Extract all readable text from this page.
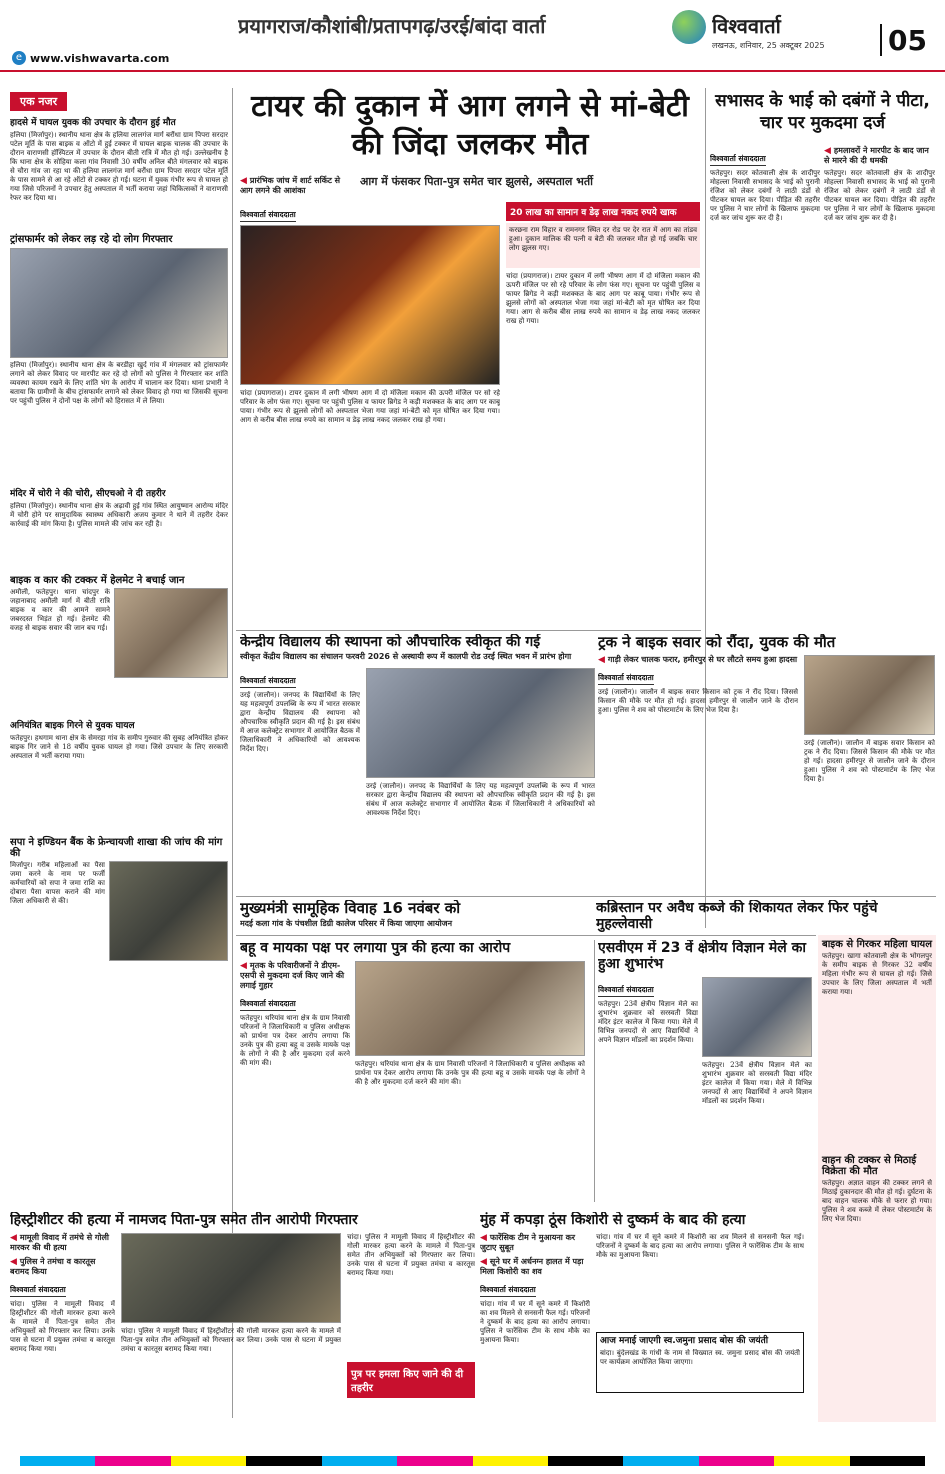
प्रयागराज/कौशांबी/प्रतापगढ़/उरई/बांदा वार्ता	विश्ववार्ता
लखनऊ, शनिवार, 25 अक्टूबर 2025	05
e www.vishwavarta.com
एक नजर
हादसे में घायल युवक की उपचार के दौरान हुई मौत
हलिया (मिर्जापुर)। स्थानीय थाना क्षेत्र के हलिया लालगंज मार्ग बरौंधा ग्राम पिपरा सरदार पटेल मूर्ति के पास बाइक व ऑटो में हुई टक्कर में घायल बाइक चालक की उपचार के दौरान वाराणसी हॉस्पिटल में उपचार के दौरान बीती रात्रि में मौत हो गई। उल्लेखनीय है कि थाना क्षेत्र के सोहिया कला गांव निवासी 30 वर्षीय अनिल बीते मंगलवार को बाइक से चौरा गांव जा रहा था की हलिया लालगंज मार्ग बरौंधा ग्राम पिपरा सरदार पटेल मूर्ति के पास सामने से आ रहे ऑटो से टक्कर हो गई। घटना में युवक गंभीर रूप से घायल हो गया जिसे परिजनों ने उपचार हेतु अस्पताल में भर्ती कराया जहां चिकित्सकों ने वाराणसी रेफर कर दिया था।
ट्रांसफार्मर को लेकर लड़ रहे दो लोग गिरफ्तार
हलिया (मिर्जापुर)। स्थानीय थाना क्षेत्र के बरडीहा खुर्द गांव में मंगलवार को ट्रांसफार्मर लगाने को लेकर विवाद पर मारपीट कर रहे दो लोगों को पुलिस ने गिरफ्तार कर शांति व्यवस्था कायम रखने के लिए शांति भंग के आरोप में चालान कर दिया। थाना प्रभारी ने बताया कि ग्रामीणों के बीच ट्रांसफार्मर लगाने को लेकर विवाद हो गया था जिसकी सूचना पर पहुंची पुलिस ने दोनों पक्ष के लोगों को हिरासत में ले लिया।
मंदिर में चोरी ने की चोरी, सीएचओ ने दी तहरीर
हलिया (मिर्जापुर)। स्थानीय थाना क्षेत्र के अढ़ावी हुई गांव स्थित आयुष्मान आरोग्य मंदिर में चोरी होने पर सामुदायिक स्वास्थ्य अधिकारी अजय कुमार ने थाने में तहरीर देकर कार्रवाई की मांग किया है। पुलिस मामले की जांच कर रही है।
बाइक व कार की टक्कर में हेलमेट ने बचाई जान
अमौली, फतेहपुर। थाना चांदपुर के जहानाबाद अमौली मार्ग में बीती रात्रि बाइक व कार की आमने सामने जबरदस्त भिड़ंत हो गई। हेलमेट की वजह से बाइक सवार की जान बच गई।
अनियंत्रित बाइक गिरने से युवक घायल
फतेहपुर। हथगाम थाना क्षेत्र के सेमरहा गांव के समीप गुरुवार की सुबह अनियंत्रित होकर बाइक गिर जाने से 18 वर्षीय युवक घायल हो गया। जिसे उपचार के लिए सरकारी अस्पताल में भर्ती कराया गया।
सपा ने इण्डियन बैंक के फ्रेन्चायजी शाखा की जांच की मांग की
मिर्जापुर। गरीब महिलाओं का पैसा जमा करने के नाम पर फर्जी कर्मचारियों को सपा ने जमा राशि का दोबारा पैसा वापस कराने की मांग जिला अधिकारी से की।
टायर की दुकान में आग लगने से मां-बेटी की जिंदा जलकर मौत
◀ प्रारंभिक जांच में शार्ट सर्किट से आग लगने की आशंका
आग में फंसकर पिता-पुत्र समेत चार झुलसे, अस्पताल भर्ती
विश्ववार्ता संवाददाता
चांदा (प्रयागराज)। टायर दुकान में लगी भीषण आग में दो मंजिला मकान की ऊपरी मंजिल पर सो रहे परिवार के लोग फंस गए। सूचना पर पहुंची पुलिस व फायर ब्रिगेड ने कड़ी मशक्कत के बाद आग पर काबू पाया। गंभीर रूप से झुलसे लोगों को अस्पताल भेजा गया जहां मां-बेटी को मृत घोषित कर दिया गया। आग से करीब बीस लाख रुपये का सामान व डेढ़ लाख नकद जलकर राख हो गया।
20 लाख का सामान व डेढ़ लाख नकद रुपये खाक
करछना राम विहार व रामनगर स्थित दर रोड पर देर रात में आग का तांडव हुआ। दुकान मालिक की पत्नी व बेटी की जलकर मौत हो गई जबकि चार लोग झुलस गए।
चांदा (प्रयागराज)। टायर दुकान में लगी भीषण आग में दो मंजिला मकान की ऊपरी मंजिल पर सो रहे परिवार के लोग फंस गए। सूचना पर पहुंची पुलिस व फायर ब्रिगेड ने कड़ी मशक्कत के बाद आग पर काबू पाया। गंभीर रूप से झुलसे लोगों को अस्पताल भेजा गया जहां मां-बेटी को मृत घोषित कर दिया गया। आग से करीब बीस लाख रुपये का सामान व डेढ़ लाख नकद जलकर राख हो गया।
सभासद के भाई को दबंगों ने पीटा, चार पर मुकदमा दर्ज
विश्ववार्ता संवाददाता
फतेहपुर। सदर कोतवाली क्षेत्र के शादीपुर मोहल्ला निवासी सभासद के भाई को पुरानी रंजिश को लेकर दबंगों ने लाठी डंडों से पीटकर घायल कर दिया। पीड़ित की तहरीर पर पुलिस ने चार लोगों के खिलाफ मुकदमा दर्ज कर जांच शुरू कर दी है।
◀ हमलावरों ने मारपीट के बाद जान से मारने की दी धमकी
फतेहपुर। सदर कोतवाली क्षेत्र के शादीपुर मोहल्ला निवासी सभासद के भाई को पुरानी रंजिश को लेकर दबंगों ने लाठी डंडों से पीटकर घायल कर दिया। पीड़ित की तहरीर पर पुलिस ने चार लोगों के खिलाफ मुकदमा दर्ज कर जांच शुरू कर दी है।
केन्द्रीय विद्यालय की स्थापना को औपचारिक स्वीकृत की गई
स्वीकृत केंद्रीय विद्यालय का संचालन फरवरी 2026 से अस्थायी रूप में कालपी रोड उरई स्थित भवन में प्रारंभ होगा
विश्ववार्ता संवाददाता
उरई (जालौन)। जनपद के विद्यार्थियों के लिए यह महत्वपूर्ण उपलब्धि के रूप में भारत सरकार द्वारा केन्द्रीय विद्यालय की स्थापना को औपचारिक स्वीकृति प्रदान की गई है। इस संबंध में आज कलेक्ट्रेट सभागार में आयोजित बैठक में जिलाधिकारी ने अधिकारियों को आवश्यक निर्देश दिए।
उरई (जालौन)। जनपद के विद्यार्थियों के लिए यह महत्वपूर्ण उपलब्धि के रूप में भारत सरकार द्वारा केन्द्रीय विद्यालय की स्थापना को औपचारिक स्वीकृति प्रदान की गई है। इस संबंध में आज कलेक्ट्रेट सभागार में आयोजित बैठक में जिलाधिकारी ने अधिकारियों को आवश्यक निर्देश दिए।
ट्रक ने बाइक सवार को रौंदा, युवक की मौत
◀ गाड़ी लेकर चालक फरार, हमीरपुर से घर लौटते समय हुआ हादसा
विश्ववार्ता संवाददाता
उरई (जालौन)। जालौन में बाइक सवार किसान को ट्रक ने रौंद दिया। जिससे किसान की मौके पर मौत हो गई। हादसा हमीरपुर से जालौन जाने के दौरान हुआ। पुलिस ने शव को पोस्टमार्टम के लिए भेज दिया है।
उरई (जालौन)। जालौन में बाइक सवार किसान को ट्रक ने रौंद दिया। जिससे किसान की मौके पर मौत हो गई। हादसा हमीरपुर से जालौन जाने के दौरान हुआ। पुलिस ने शव को पोस्टमार्टम के लिए भेज दिया है।
मुख्यमंत्री सामूहिक विवाह 16 नवंबर को
मदई कला गांव के पंचशील डिग्री कालेज परिसर में किया जाएगा आयोजन
कब्रिस्तान पर अवैध कब्जे की शिकायत लेकर फिर पहुंचे मुहल्लेवासी
हिस्ट्रीशीटर की हत्या में नामजद पिता-पुत्र समेत तीन आरोपी गिरफ्तार
◀ मामूली विवाद में तमंचे से गोली मारकर की थी हत्या
◀ पुलिस ने तमंचा व कारतूस बरामद किया
विश्ववार्ता संवाददाता
चांदा। पुलिस ने मामूली विवाद में हिस्ट्रीशीटर की गोली मारकर हत्या करने के मामले में पिता-पुत्र समेत तीन अभियुक्तों को गिरफ्तार कर लिया। उनके पास से घटना में प्रयुक्त तमंचा व कारतूस बरामद किया गया।
चांदा। पुलिस ने मामूली विवाद में हिस्ट्रीशीटर की गोली मारकर हत्या करने के मामले में पिता-पुत्र समेत तीन अभियुक्तों को गिरफ्तार कर लिया। उनके पास से घटना में प्रयुक्त तमंचा व कारतूस बरामद किया गया।
चांदा। पुलिस ने मामूली विवाद में हिस्ट्रीशीटर की गोली मारकर हत्या करने के मामले में पिता-पुत्र समेत तीन अभियुक्तों को गिरफ्तार कर लिया। उनके पास से घटना में प्रयुक्त तमंचा व कारतूस बरामद किया गया।
पुत्र पर हमला किए जाने की दी तहरीर
मुंह में कपड़ा ठूंस किशोरी से दुष्कर्म के बाद की हत्या
◀ फारेंसिक टीम ने मुआयना कर जुटाए सुबूत
◀ सूने घर में अर्धनग्न हालत में पड़ा मिला किशोरी का शव
विश्ववार्ता संवाददाता
चांदा। गांव में घर में सूने कमरे में किशोरी का शव मिलने से सनसनी फैल गई। परिजनों ने दुष्कर्म के बाद हत्या का आरोप लगाया। पुलिस ने फारेंसिक टीम के साथ मौके का मुआयना किया।
चांदा। गांव में घर में सूने कमरे में किशोरी का शव मिलने से सनसनी फैल गई। परिजनों ने दुष्कर्म के बाद हत्या का आरोप लगाया। पुलिस ने फारेंसिक टीम के साथ मौके का मुआयना किया।
आज मनाई जाएगी स्व.जमुना प्रसाद बोस की जयंती
बांदा। बुंदेलखंड के गांधी के नाम से विख्यात स्व. जमुना प्रसाद बोस की जयंती पर कार्यक्रम आयोजित किया जाएगा।
बाइक से गिरकर महिला घायल
फतेहपुर। खागा कोतवाली क्षेत्र के भोगलपुर के समीप बाइक से गिरकर 32 वर्षीय महिला गंभीर रूप से घायल हो गई। जिसे उपचार के लिए जिला अस्पताल में भर्ती कराया गया।
वाहन की टक्कर से मिठाई विक्रेता की मौत
फतेहपुर। अज्ञात वाहन की टक्कर लगने से मिठाई दुकानदार की मौत हो गई। दुर्घटना के बाद वाहन चालक मौके से फरार हो गया। पुलिस ने शव कब्जे में लेकर पोस्टमार्टम के लिए भेज दिया।
बहू व मायका पक्ष पर लगाया पुत्र की हत्या का आरोप
◀ मृतक के परिवारीजनों ने डीएम-एसपी से मुकदमा दर्ज किए जाने की लगाई गुहार
विश्ववार्ता संवाददाता
फतेहपुर। थरियांव थाना क्षेत्र के ग्राम निवासी परिजनों ने जिलाधिकारी व पुलिस अधीक्षक को प्रार्थना पत्र देकर आरोप लगाया कि उनके पुत्र की हत्या बहू व उसके मायके पक्ष के लोगों ने की है और मुकदमा दर्ज करने की मांग की।	फतेहपुर। थरियांव थाना क्षेत्र के ग्राम निवासी परिजनों ने जिलाधिकारी व पुलिस अधीक्षक को प्रार्थना पत्र देकर आरोप लगाया कि उनके पुत्र की हत्या बहू व उसके मायके पक्ष के लोगों ने की है और मुकदमा दर्ज करने की मांग की।
एसवीएम में 23 वें क्षेत्रीय विज्ञान मेले का हुआ शुभारंभ
विश्ववार्ता संवाददाता
फतेहपुर। 23वें क्षेत्रीय विज्ञान मेले का शुभारंभ शुक्रवार को सरस्वती विद्या मंदिर इंटर कालेज में किया गया। मेले में विभिन्न जनपदों से आए विद्यार्थियों ने अपने विज्ञान मॉडलों का प्रदर्शन किया।
फतेहपुर। 23वें क्षेत्रीय विज्ञान मेले का शुभारंभ शुक्रवार को सरस्वती विद्या मंदिर इंटर कालेज में किया गया। मेले में विभिन्न जनपदों से आए विद्यार्थियों ने अपने विज्ञान मॉडलों का प्रदर्शन किया।
